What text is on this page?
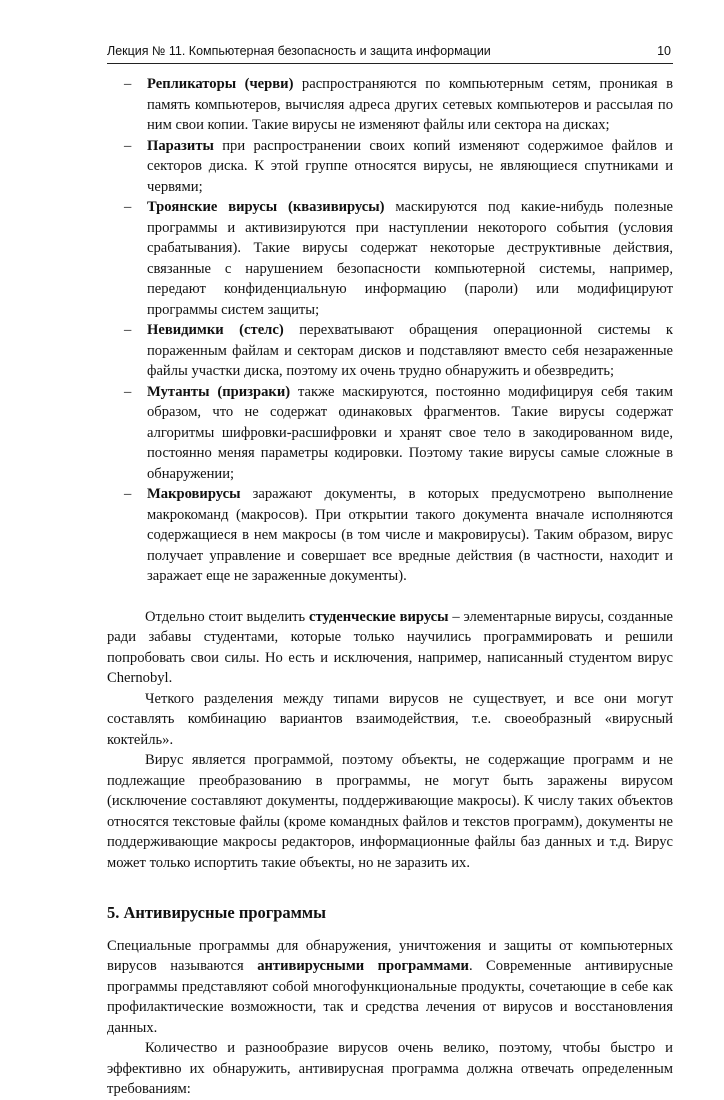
Лекция № 11. Компьютерная безопасность и защита информации	10
– Репликаторы (черви) распространяются по компьютерным сетям, проникая в память компьютеров, вычисляя адреса других сетевых компьютеров и рассылая по ним свои копии. Такие вирусы не изменяют файлы или сектора на дисках;
– Паразиты при распространении своих копий изменяют содержимое файлов и секторов диска. К этой группе относятся вирусы, не являющиеся спутниками и червями;
– Троянские вирусы (квазивирусы) маскируются под какие-нибудь полезные программы и активизируются при наступлении некоторого события (условия срабатывания). Такие вирусы содержат некоторые деструктивные действия, связанные с нарушением безопасности компьютерной системы, например, передают конфиденциальную информацию (пароли) или модифицируют программы систем защиты;
– Невидимки (стелс) перехватывают обращения операционной системы к пораженным файлам и секторам дисков и подставляют вместо себя незараженные файлы участки диска, поэтому их очень трудно обнаружить и обезвредить;
– Мутанты (призраки) также маскируются, постоянно модифицируя себя таким образом, что не содержат одинаковых фрагментов. Такие вирусы содержат алгоритмы шифровки-расшифровки и хранят свое тело в закодированном виде, постоянно меняя параметры кодировки. Поэтому такие вирусы самые сложные в обнаружении;
– Макровирусы заражают документы, в которых предусмотрено выполнение макрокоманд (макросов). При открытии такого документа вначале исполняются содержащиеся в нем макросы (в том числе и макровирусы). Таким образом, вирус получает управление и совершает все вредные действия (в частности, находит и заражает еще не зараженные документы).

Отдельно стоит выделить студенческие вирусы – элементарные вирусы, созданные ради забавы студентами, которые только научились программировать и решили попробовать свои силы. Но есть и исключения, например, написанный студентом вирус Chernobyl.

Четкого разделения между типами вирусов не существует, и все они могут составлять комбинацию вариантов взаимодействия, т.е. своеобразный «вирусный коктейль».

Вирус является программой, поэтому объекты, не содержащие программ и не подлежащие преобразованию в программы, не могут быть заражены вирусом (исключение составляют документы, поддерживающие макросы). К числу таких объектов относятся текстовые файлы (кроме командных файлов и текстов программ), документы не поддерживающие макросы редакторов, информационные файлы баз данных и т.д. Вирус может только испортить такие объекты, но не заразить их.

5. Антивирусные программы

Специальные программы для обнаружения, уничтожения и защиты от компьютерных вирусов называются антивирусными программами. Современные антивирусные программы представляют собой многофункциональные продукты, сочетающие в себе как профилактические возможности, так и средства лечения от вирусов и восстановления данных.

Количество и разнообразие вирусов очень велико, поэтому, чтобы быстро и эффективно их обнаружить, антивирусная программа должна отвечать определенным требованиям:
